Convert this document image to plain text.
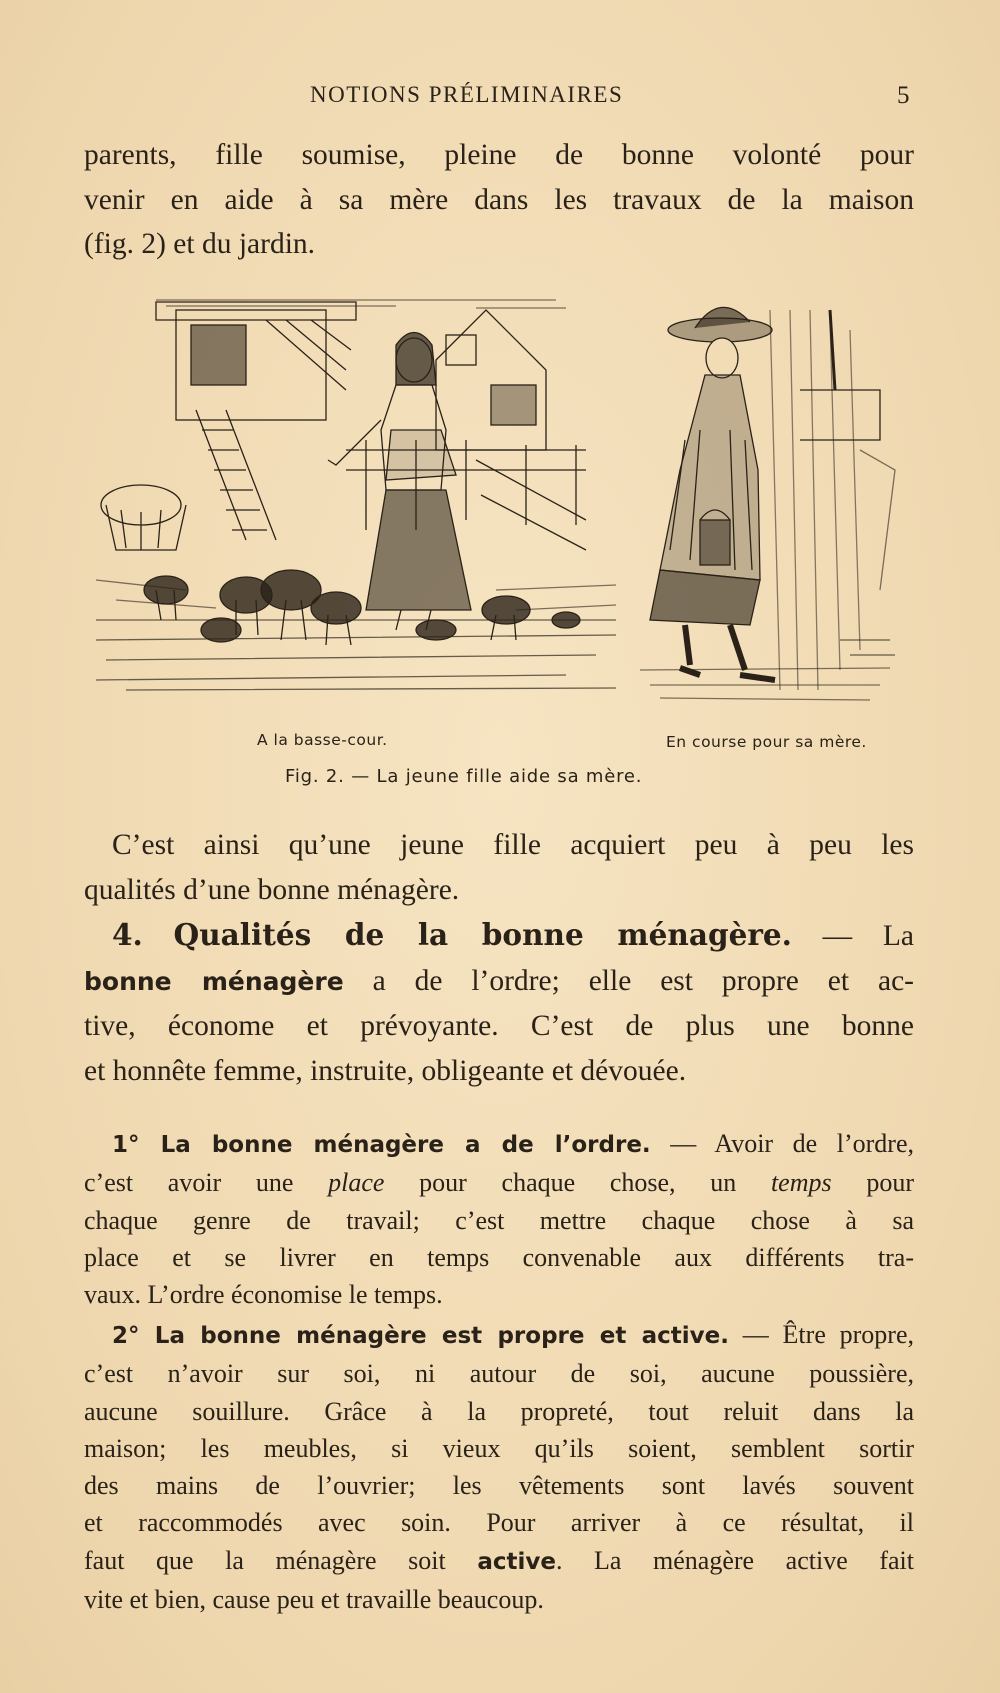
NOTIONS PRÉLIMINAIRES	5
parents, fille soumise, pleine de bonne volonté pour
venir en aide à sa mère dans les travaux de la maison
(fig. 2) et du jardin.
A la basse-cour.	En course pour sa mère.
Fig. 2. — La jeune fille aide sa mère.
C’est ainsi qu’une jeune fille acquiert peu à peu les
qualités d’une bonne ménagère.
4. Qualités de la bonne ménagère. — La
bonne ménagère a de l’ordre; elle est propre et ac-
tive, économe et prévoyante. C’est de plus une bonne
et honnête femme, instruite, obligeante et dévouée.
1° La bonne ménagère a de l’ordre. — Avoir de l’ordre,
c’est avoir une place pour chaque chose, un temps pour
chaque genre de travail; c’est mettre chaque chose à sa
place et se livrer en temps convenable aux différents tra-
vaux. L’ordre économise le temps.
2° La bonne ménagère est propre et active. — Être propre,
c’est n’avoir sur soi, ni autour de soi, aucune poussière,
aucune souillure. Grâce à la propreté, tout reluit dans la
maison; les meubles, si vieux qu’ils soient, semblent sortir
des mains de l’ouvrier; les vêtements sont lavés souvent
et raccommodés avec soin. Pour arriver à ce résultat, il
faut que la ménagère soit active. La ménagère active fait
vite et bien, cause peu et travaille beaucoup.
